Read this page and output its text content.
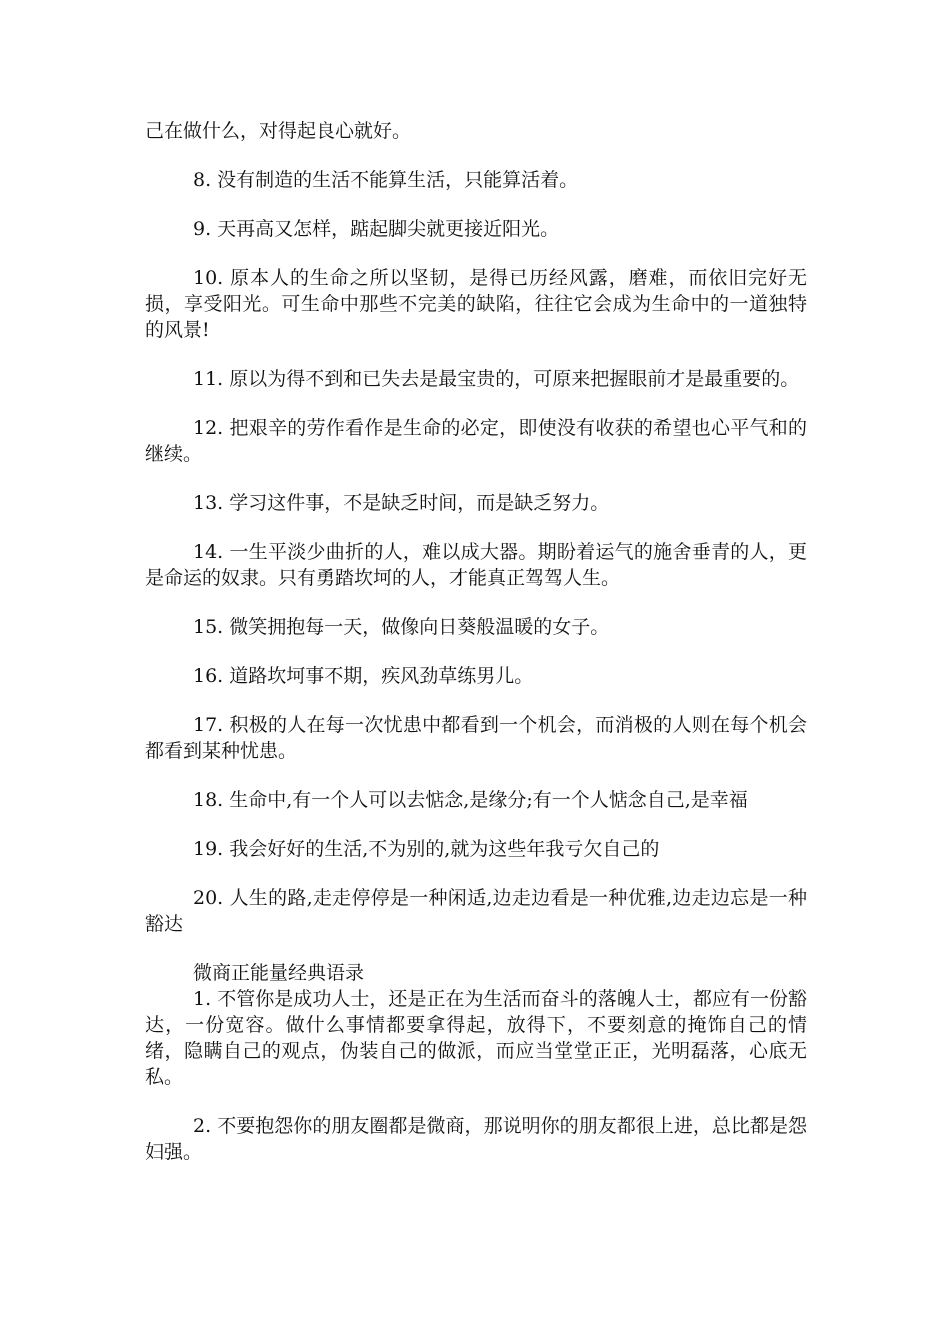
己在做什么，对得起良心就好。

8. 没有制造的生活不能算生活，只能算活着。

9. 天再高又怎样，踮起脚尖就更接近阳光。

10. 原本人的生命之所以坚韧，是得已历经风露，磨难，而依旧完好无损，享受阳光。可生命中那些不完美的缺陷，往往它会成为生命中的一道独特的风景!

11. 原以为得不到和已失去是最宝贵的，可原来把握眼前才是最重要的。

12. 把艰辛的劳作看作是生命的必定，即使没有收获的希望也心平气和的继续。

13. 学习这件事，不是缺乏时间，而是缺乏努力。

14. 一生平淡少曲折的人，难以成大器。期盼着运气的施舍垂青的人，更是命运的奴隶。只有勇踏坎坷的人，才能真正驾驾人生。

15. 微笑拥抱每一天，做像向日葵般温暖的女子。

16. 道路坎坷事不期，疾风劲草练男儿。

17. 积极的人在每一次忧患中都看到一个机会，而消极的人则在每个机会都看到某种忧患。

18. 生命中,有一个人可以去惦念,是缘分;有一个人惦念自己,是幸福

19. 我会好好的生活,不为别的,就为这些年我亏欠自己的

20. 人生的路,走走停停是一种闲适,边走边看是一种优雅,边走边忘是一种豁达

微商正能量经典语录

1. 不管你是成功人士，还是正在为生活而奋斗的落魄人士，都应有一份豁达，一份宽容。做什么事情都要拿得起，放得下，不要刻意的掩饰自己的情绪，隐瞒自己的观点，伪装自己的做派，而应当堂堂正正，光明磊落，心底无私。

2. 不要抱怨你的朋友圈都是微商，那说明你的朋友都很上进，总比都是怨妇强。
